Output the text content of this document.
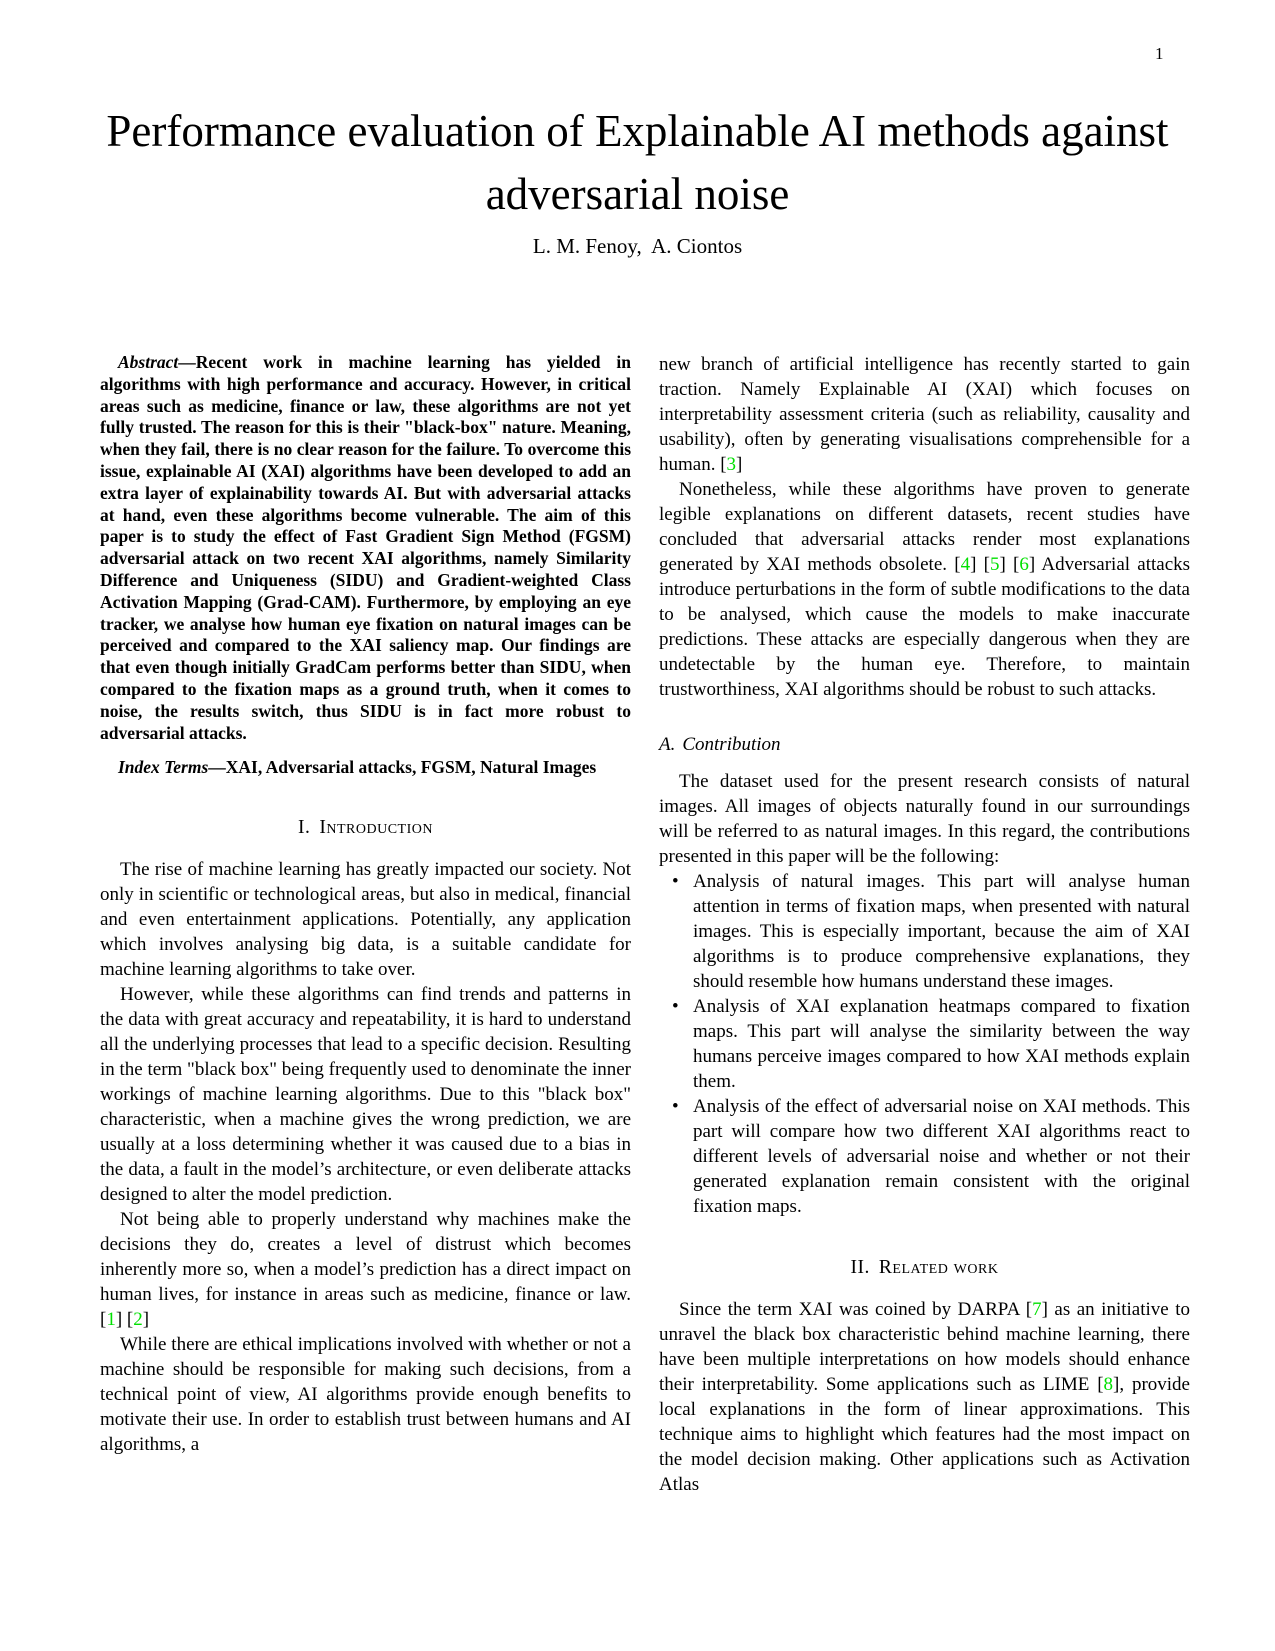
1
Performance evaluation of Explainable AI methods against adversarial noise
L. M. Fenoy,  A. Ciontos

Abstract—Recent work in machine learning has yielded in algorithms with high performance and accuracy. However, in critical areas such as medicine, finance or law, these algorithms are not yet fully trusted. The reason for this is their "black-box" nature. Meaning, when they fail, there is no clear reason for the failure. To overcome this issue, explainable AI (XAI) algorithms have been developed to add an extra layer of explainability towards AI. But with adversarial attacks at hand, even these algorithms become vulnerable. The aim of this paper is to study the effect of Fast Gradient Sign Method (FGSM) adversarial attack on two recent XAI algorithms, namely Similarity Difference and Uniqueness (SIDU) and Gradient-weighted Class Activation Mapping (Grad-CAM). Furthermore, by employing an eye tracker, we analyse how human eye fixation on natural images can be perceived and compared to the XAI saliency map. Our findings are that even though initially GradCam performs better than SIDU, when compared to the fixation maps as a ground truth, when it comes to noise, the results switch, thus SIDU is in fact more robust to adversarial attacks.

Index Terms—XAI, Adversarial attacks, FGSM, Natural Images

I. Introduction

The rise of machine learning has greatly impacted our society. Not only in scientific or technological areas, but also in medical, financial and even entertainment applications. Potentially, any application which involves analysing big data, is a suitable candidate for machine learning algorithms to take over.

However, while these algorithms can find trends and patterns in the data with great accuracy and repeatability, it is hard to understand all the underlying processes that lead to a specific decision. Resulting in the term "black box" being frequently used to denominate the inner workings of machine learning algorithms. Due to this "black box" characteristic, when a machine gives the wrong prediction, we are usually at a loss determining whether it was caused due to a bias in the data, a fault in the model’s architecture, or even deliberate attacks designed to alter the model prediction.

Not being able to properly understand why machines make the decisions they do, creates a level of distrust which becomes inherently more so, when a model’s prediction has a direct impact on human lives, for instance in areas such as medicine, finance or law. [1] [2]

While there are ethical implications involved with whether or not a machine should be responsible for making such decisions, from a technical point of view, AI algorithms provide enough benefits to motivate their use. In order to establish trust between humans and AI algorithms, a

new branch of artificial intelligence has recently started to gain traction. Namely Explainable AI (XAI) which focuses on interpretability assessment criteria (such as reliability, causality and usability), often by generating visualisations comprehensible for a human. [3]

Nonetheless, while these algorithms have proven to generate legible explanations on different datasets, recent studies have concluded that adversarial attacks render most explanations generated by XAI methods obsolete. [4] [5] [6] Adversarial attacks introduce perturbations in the form of subtle modifications to the data to be analysed, which cause the models to make inaccurate predictions. These attacks are especially dangerous when they are undetectable by the human eye. Therefore, to maintain trustworthiness, XAI algorithms should be robust to such attacks.

A. Contribution

The dataset used for the present research consists of natural images. All images of objects naturally found in our surroundings will be referred to as natural images. In this regard, the contributions presented in this paper will be the following:

• Analysis of natural images. This part will analyse human attention in terms of fixation maps, when presented with natural images. This is especially important, because the aim of XAI algorithms is to produce comprehensive explanations, they should resemble how humans understand these images.
• Analysis of XAI explanation heatmaps compared to fixation maps. This part will analyse the similarity between the way humans perceive images compared to how XAI methods explain them.
• Analysis of the effect of adversarial noise on XAI methods. This part will compare how two different XAI algorithms react to different levels of adversarial noise and whether or not their generated explanation remain consistent with the original fixation maps.
II. Related work

Since the term XAI was coined by DARPA [7] as an initiative to unravel the black box characteristic behind machine learning, there have been multiple interpretations on how models should enhance their interpretability. Some applications such as LIME [8], provide local explanations in the form of linear approximations. This technique aims to highlight which features had the most impact on the model decision making. Other applications such as Activation Atlas
